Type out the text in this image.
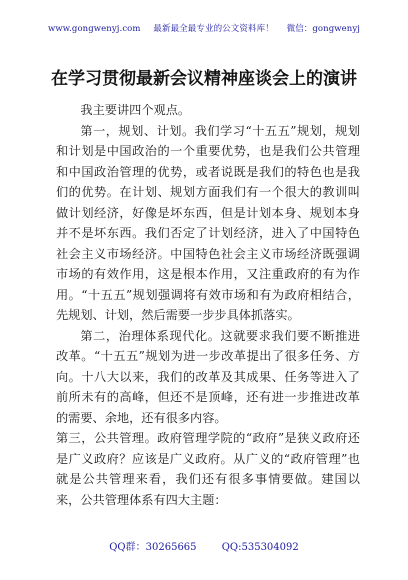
www.gongwenyj.com 最新最全最专业的公文资料库！ 微信：gongwenyj
在学习贯彻最新会议精神座谈会上的演讲

我主要讲四个观点。

第一，规划、计划。我们学习“十五五”规划，规划和计划是中国政治的一个重要优势，也是我们公共管理和中国政治管理的优势，或者说既是我们的特色也是我们的优势。在计划、规划方面我们有一个很大的教训叫做计划经济，好像是坏东西，但是计划本身、规划本身并不是坏东西。我们否定了计划经济，进入了中国特色社会主义市场经济。中国特色社会主义市场经济既强调市场的有效作用，这是根本作用，又注重政府的有为作用。“十五五”规划强调将有效市场和有为政府相结合，先规划、计划，然后需要一步步具体抓落实。

第二，治理体系现代化。这就要求我们要不断推进改革。“十五五”规划为进一步改革提出了很多任务、方向。十八大以来，我们的改革及其成果、任务等进入了前所未有的高峰，但还不是顶峰，还有进一步推进改革的需要、余地，还有很多内容。

第三，公共管理。政府管理学院的“政府”是狭义政府还是广义政府？应该是广义政府。从广义的“政府管理”也就是公共管理来看，我们还有很多事情要做。建国以来，公共管理体系有四大主题：

QQ群：30265665	QQ:535304092
